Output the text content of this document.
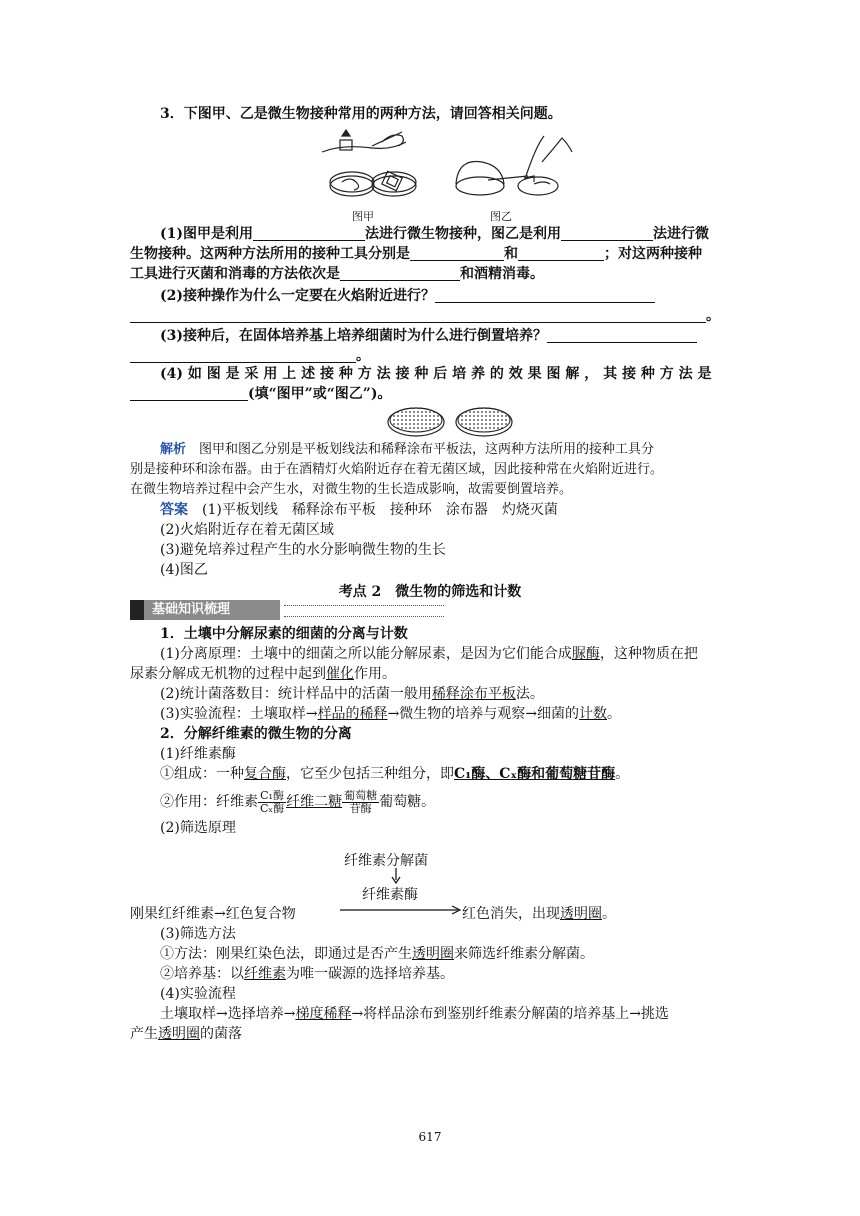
3．下图甲、乙是微生物接种常用的两种方法，请回答相关问题。
图甲	图乙
(1)图甲是利用	法进行微生物接种，图乙是利用	法进行微
生物接种。这两种方法所用的接种工具分别是	和	；对这两种接种
工具进行灭菌和消毒的方法依次是	和酒精消毒。
(2)接种操作为什么一定要在火焰附近进行？
。
(3)接种后，在固体培养基上培养细菌时为什么进行倒置培养？
。
(4) 如 图 是 采 用 上 述 接 种 方 法 接 种 后 培 养 的 效 果 图 解 ， 其 接 种 方 法 是
(填“图甲”或“图乙”)。
解析　 图甲和图乙分别是平板划线法和稀释涂布平板法，这两种方法所用的接种工具分
别是接种环和涂布器。由于在酒精灯火焰附近存在着无菌区域，因此接种常在火焰附近进行。
在微生物培养过程中会产生水，对微生物的生长造成影响，故需要倒置培养。
答案　 (1)平板划线　稀释涂布平板　接种环　涂布器　灼烧灭菌
(2)火焰附近存在着无菌区域
(3)避免培养过程产生的水分影响微生物的生长
(4)图乙
考点 2　微生物的筛选和计数
基础知识梳理
1．土壤中分解尿素的细菌的分离与计数
(1)分离原理：土壤中的细菌之所以能分解尿素，是因为它们能合成脲酶，这种物质在把
尿素分解成无机物的过程中起到催化作用。
(2)统计菌落数目：统计样品中的活菌一般用稀释涂布平板法。
(3)实验流程：土壤取样→样品的稀释→微生物的培养与观察→细菌的计数。
2．分解纤维素的微生物的分离
(1)纤维素酶
①组成：一种复合酶，它至少包括三种组分，即C₁酶、Cₓ酶和葡萄糖苷酶。
②作用：纤维素 $\frac{\text{C₁酶}}{\text{Cₓ酶}}$ 纤维二糖 $\frac{\text{葡萄糖}}{\text{苷酶}}$ 葡萄糖。
(2)筛选原理
纤维素分解菌
纤维素酶
刚果红纤维素→红色复合物	红色消失，出现透明圈。
(3)筛选方法
①方法：刚果红染色法，即通过是否产生透明圈来筛选纤维素分解菌。
②培养基：以纤维素为唯一碳源的选择培养基。
(4)实验流程
土壤取样→选择培养→梯度稀释→将样品涂布到鉴别纤维素分解菌的培养基上→挑选
产生透明圈的菌落
617
